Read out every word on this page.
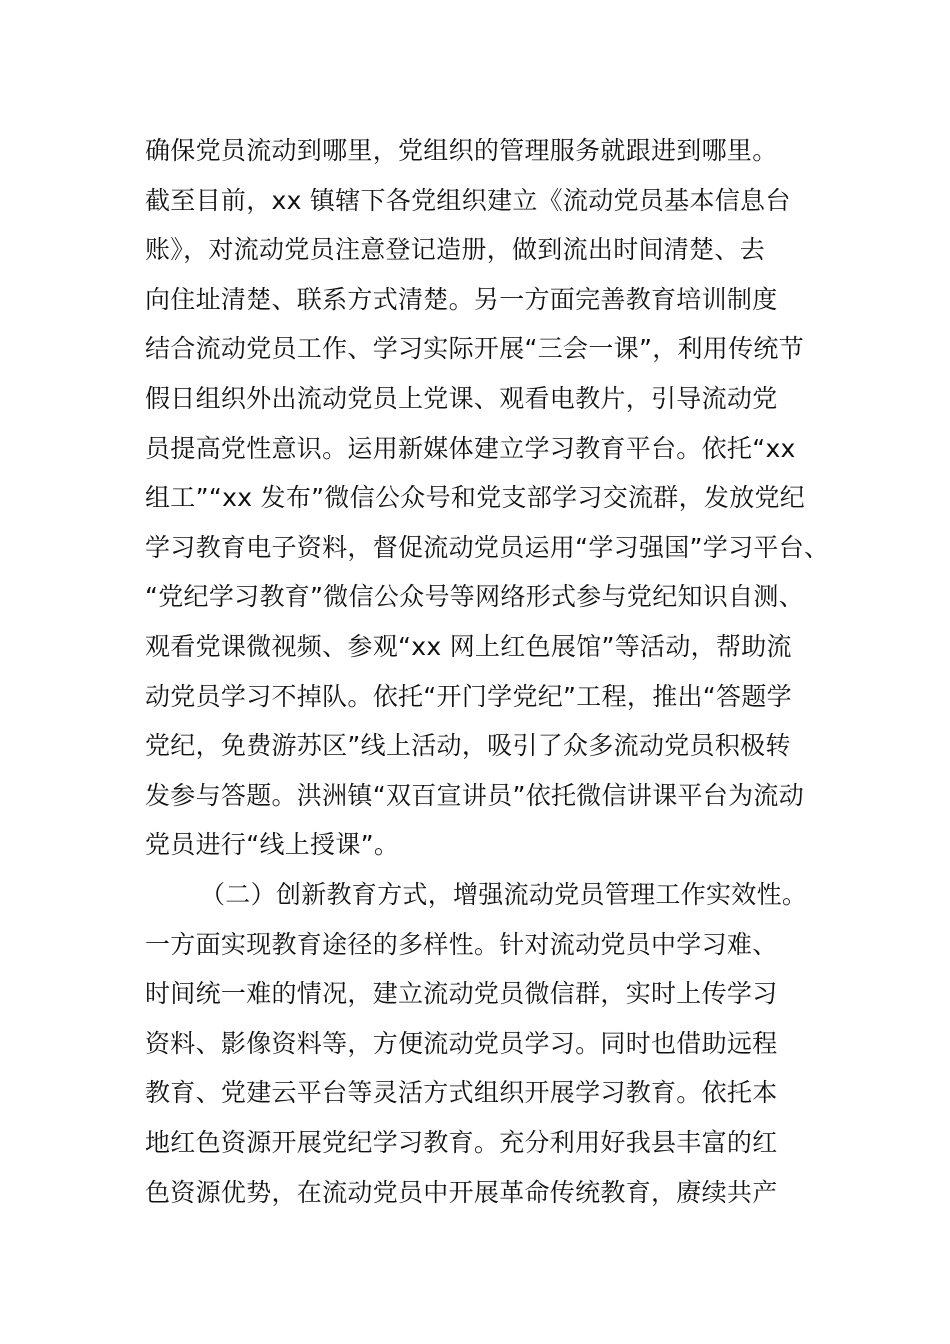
确保党员流动到哪里，党组织的管理服务就跟进到哪里。
截至目前，xx 镇辖下各党组织建立《流动党员基本信息台
账》，对流动党员注意登记造册，做到流出时间清楚、去
向住址清楚、联系方式清楚。另一方面完善教育培训制度
结合流动党员工作、学习实际开展“三会一课”，利用传统节
假日组织外出流动党员上党课、观看电教片，引导流动党
员提高党性意识。运用新媒体建立学习教育平台。依托“xx
组工”“xx 发布”微信公众号和党支部学习交流群，发放党纪
学习教育电子资料，督促流动党员运用“学习强国”学习平台、
“党纪学习教育”微信公众号等网络形式参与党纪知识自测、
观看党课微视频、参观“xx 网上红色展馆”等活动，帮助流
动党员学习不掉队。依托“开门学党纪”工程，推出“答题学
党纪，免费游苏区”线上活动，吸引了众多流动党员积极转
发参与答题。洪洲镇“双百宣讲员”依托微信讲课平台为流动
党员进行“线上授课”。
（二）创新教育方式，增强流动党员管理工作实效性。
一方面实现教育途径的多样性。针对流动党员中学习难、
时间统一难的情况，建立流动党员微信群，实时上传学习
资料、影像资料等，方便流动党员学习。同时也借助远程
教育、党建云平台等灵活方式组织开展学习教育。依托本
地红色资源开展党纪学习教育。充分利用好我县丰富的红
色资源优势，在流动党员中开展革命传统教育，赓续共产
